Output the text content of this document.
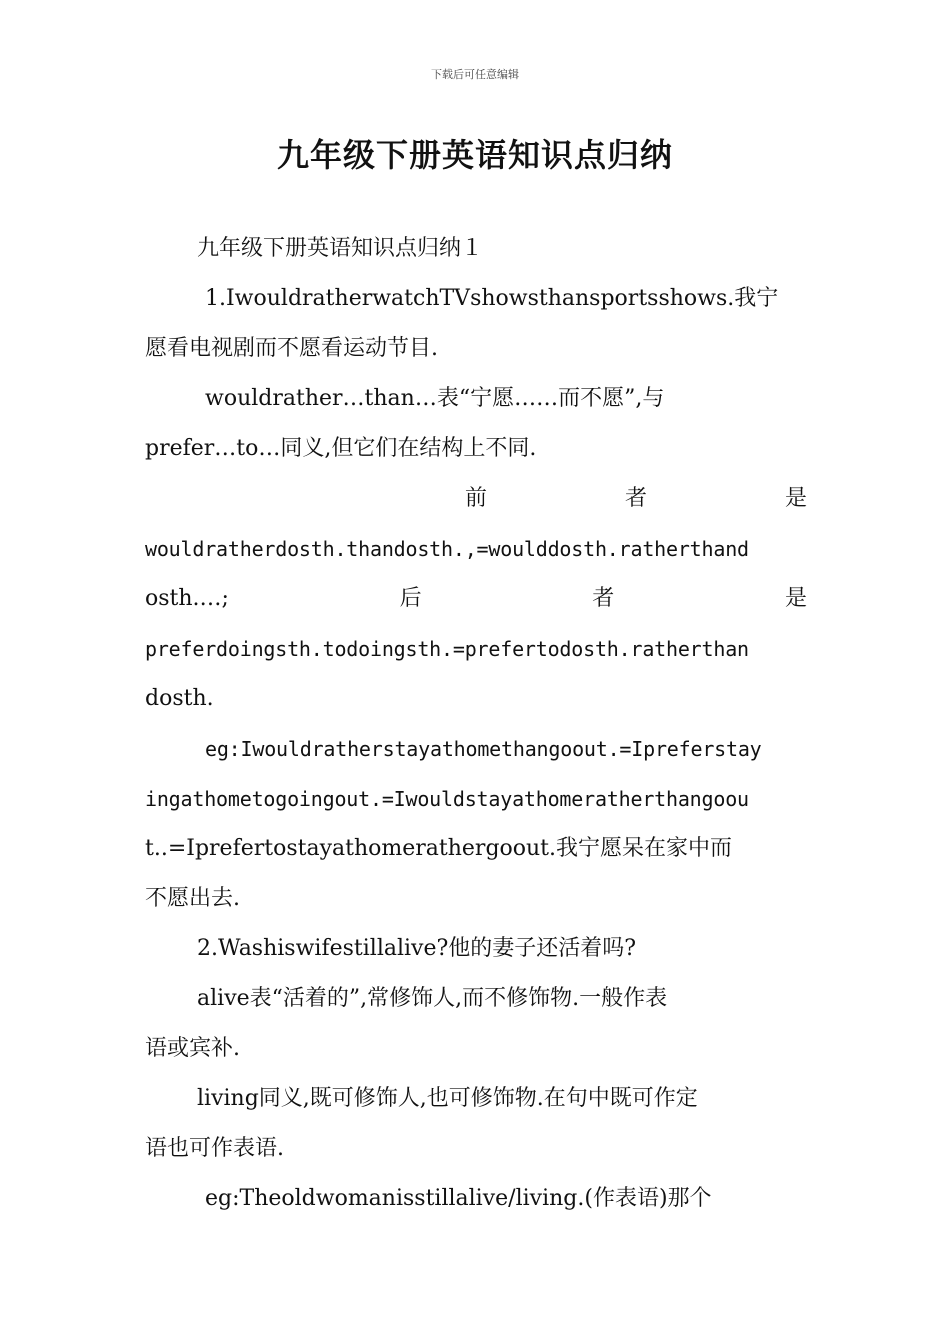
下载后可任意编辑
九年级下册英语知识点归纳
九年级下册英语知识点归纳１
1.IwouldratherwatchTVshowsthansportsshows.我宁
愿看电视剧而不愿看运动节目.
wouldrather…than…表“宁愿……而不愿”,与
prefer…to…同义,但它们在结构上不同.
前	者	是
wouldratherdosth.thandosth.,=woulddosth.ratherthand
osth.…;	后	者	是
preferdoingsth.todoingsth.=prefertodosth.ratherthan
dosth.
eg:Iwouldratherstayathomethangoout.=Ipreferstay
ingathometogoingout.=Iwouldstayathomeratherthangoou
t..=Iprefertostayathomerathergoout.我宁愿呆在家中而
不愿出去.
2.Washiswifestillalive?他的妻子还活着吗?
alive表“活着的”,常修饰人,而不修饰物.一般作表
语或宾补.
living同义,既可修饰人,也可修饰物.在句中既可作定
语也可作表语.
eg:Theoldwomanisstillalive/living.(作表语)那个
